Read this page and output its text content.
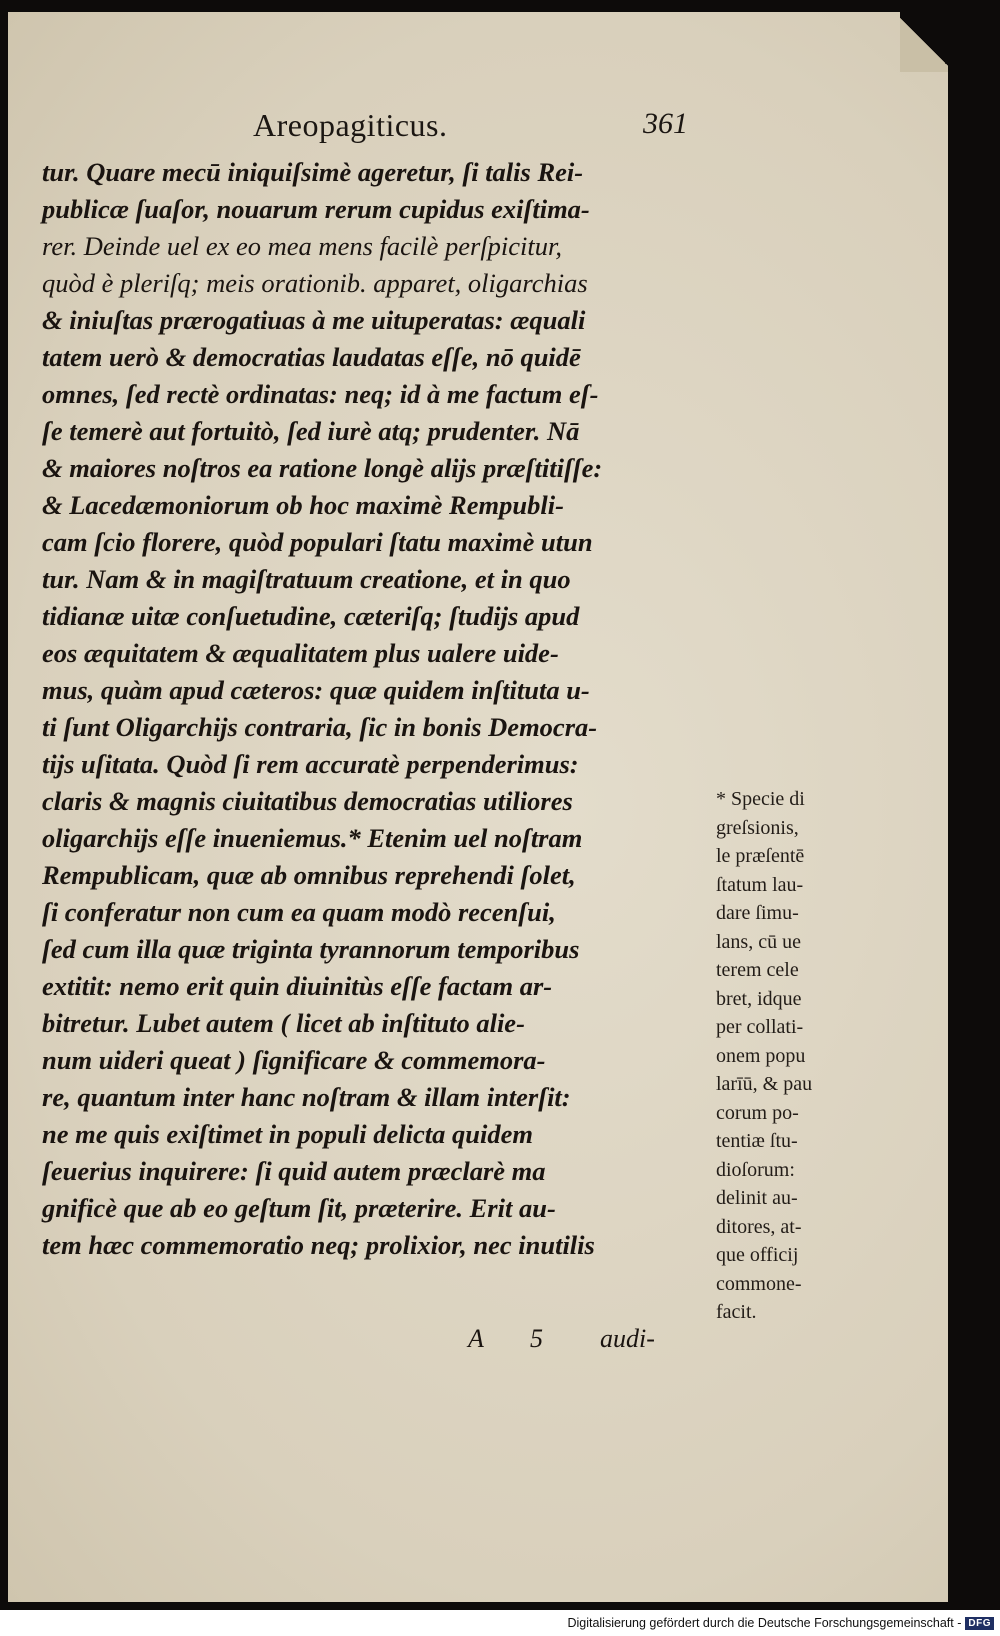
Areopagiticus.	361
tur. Quare mecū iniquiſsimè ageretur, ſi talis Rei-
publicæ ſuaſor, nouarum rerum cupidus exiſtima-
rer. Deinde uel ex eo mea mens facilè perſpicitur,
quòd è pleriſq; meis orationib. apparet, oligarchias
& iniuſtas prærogatiuas à me uituperatas: æquali
tatem uerò & democratias laudatas eſſe, nō quidē
omnes, ſed rectè ordinatas: neq; id à me factum eſ-
ſe temerè aut fortuitò, ſed iurè atq; prudenter. Nā
& maiores noſtros ea ratione longè alijs præſtitiſſe:
& Lacedæmoniorum ob hoc maximè Rempubli-
cam ſcio florere, quòd populari ſtatu maximè utun
tur. Nam & in magiſtratuum creatione, et in quo
tidianæ uitæ conſuetudine, cæteriſq; ſtudijs apud
eos æquitatem & æqualitatem plus ualere uide-
mus, quàm apud cæteros: quæ quidem inſtituta u-
ti ſunt Oligarchijs contraria, ſic in bonis Democra-
tijs uſitata. Quòd ſi rem accuratè perpenderimus:
claris & magnis ciuitatibus democratias utiliores
oligarchijs eſſe inueniemus.* Etenim uel noſtram
Rempublicam, quæ ab omnibus reprehendi ſolet,
ſi conferatur non cum ea quam modò recenſui,
ſed cum illa quæ triginta tyrannorum temporibus
extitit: nemo erit quin diuinitùs eſſe factam ar-
bitretur. Lubet autem ( licet ab inſtituto alie-
num uideri queat ) ſignificare & commemora-
re, quantum inter hanc noſtram & illam interſit:
ne me quis exiſtimet in populi delicta quidem
ſeuerius inquirere: ſi quid autem præclarè ma
gnificè que ab eo geſtum ſit, præterire. Erit au-
tem hæc commemoratio neq; prolixior, nec inutilis
A 5 audi-
* Specie di
greſsionis,
le præſentē
ſtatum lau-
dare ſimu-
lans, cū ue
terem cele
bret, idque
per collati-
onem popu
larīū, & pau
corum po-
tentiæ ſtu-
dioſorum:
delinit au-
ditores, at-
que officij
commone-
facit.
Digitalisierung gefördert durch die Deutsche Forschungsgemeinschaft - DFG
